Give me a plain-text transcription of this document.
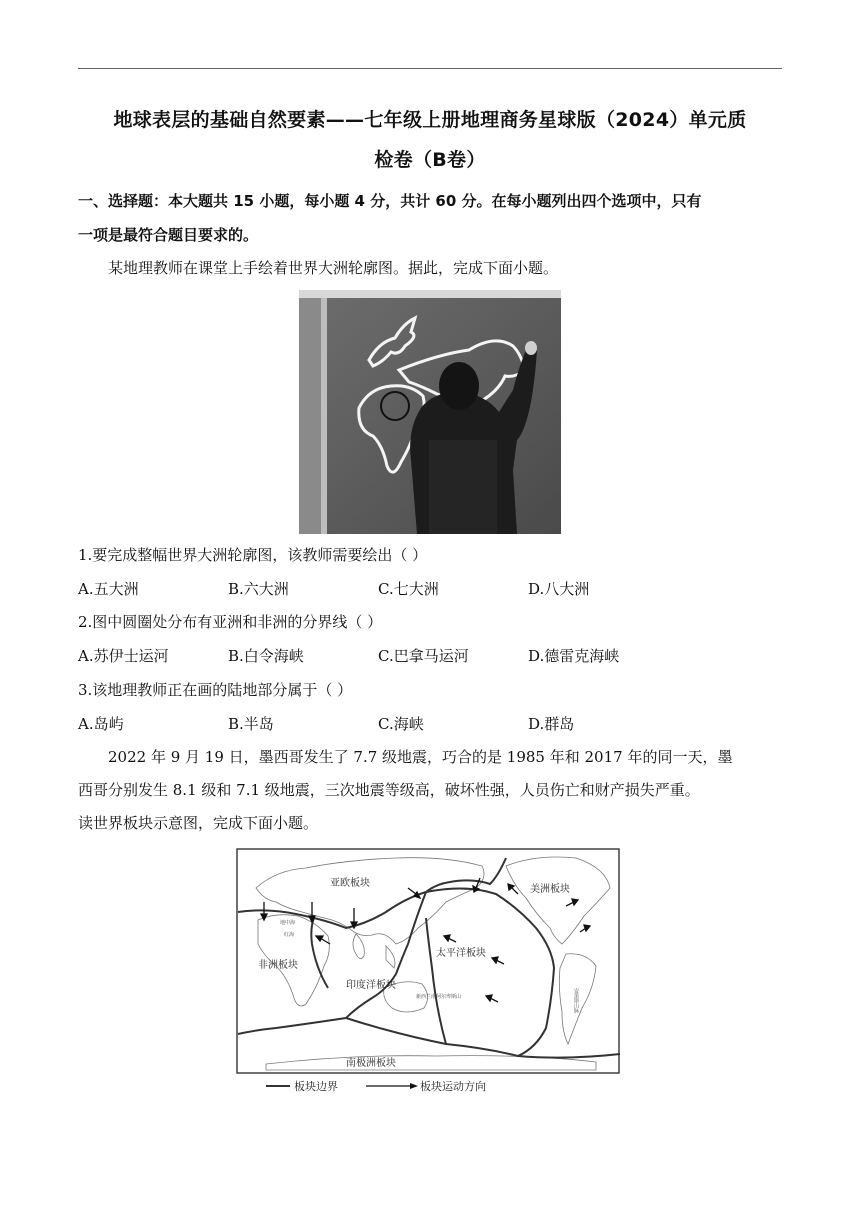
地球表层的基础自然要素——七年级上册地理商务星球版（2024）单元质
检卷（B卷）
一、选择题：本大题共 15 小题，每小题 4 分，共计 60 分。在每小题列出四个选项中，只有
一项是最符合题目要求的。
某地理教师在课堂上手绘着世界大洲轮廓图。据此，完成下面小题。
1.要完成整幅世界大洲轮廓图，该教师需要绘出（ ）
A.五大洲	B.六大洲	C.七大洲	D.八大洲
2.图中圆圈处分布有亚洲和非洲的分界线（ ）
A.苏伊士运河	B.白令海峡	C.巴拿马运河	D.德雷克海峡
3.该地理教师正在画的陆地部分属于（ ）
A.岛屿	B.半岛	C.海峡	D.群岛
2022 年 9 月 19 日，墨西哥发生了 7.7 级地震，巧合的是 1985 年和 2017 年的同一天，墨
西哥分别发生 8.1 级和 7.1 级地震，三次地震等级高，破坏性强，人员伤亡和财产损失严重。
读世界板块示意图，完成下面小题。
亚欧板块
美洲板块
非洲板块
太平洋板块
印度洋板块
南极洲板块
红海
地中海
新西兰南阿尔卑斯山	安第斯山脉
板块边界	板块运动方向
